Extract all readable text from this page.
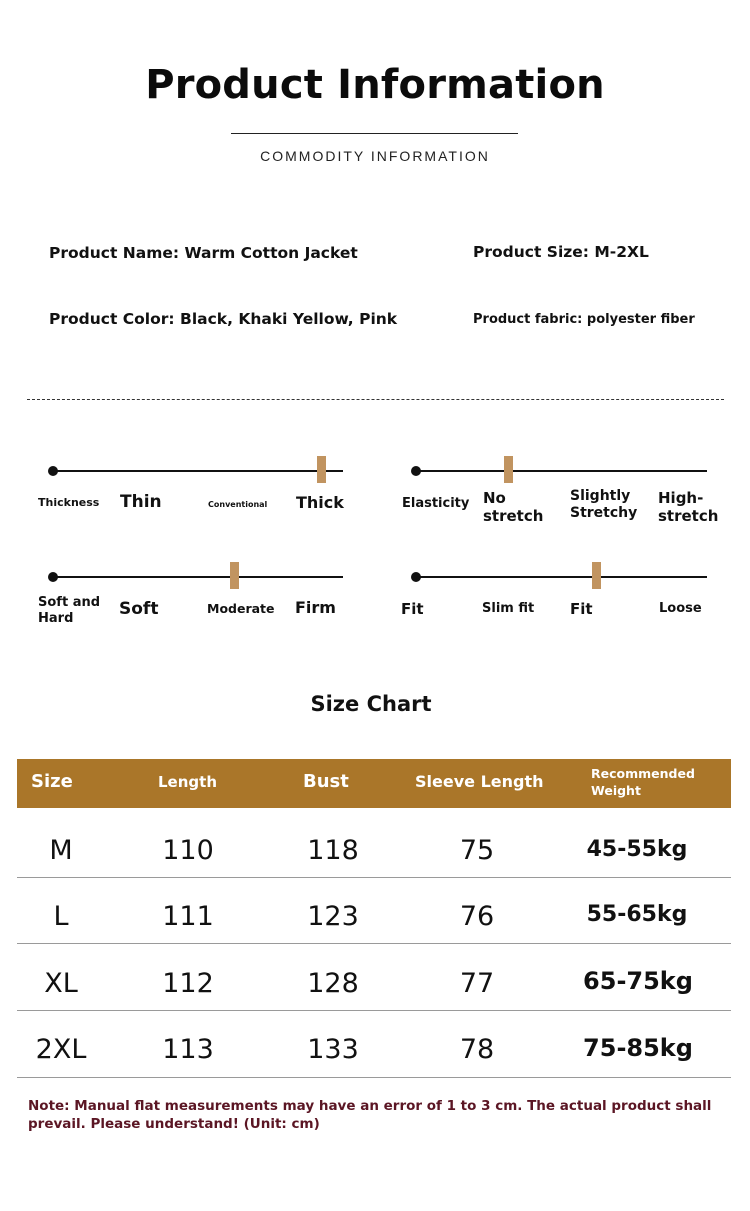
Product Information
COMMODITY INFORMATION
Product Name: Warm Cotton Jacket	Product Size: M-2XL
Product Color: Black, Khaki Yellow, Pink	Product fabric: polyester fiber
Thickness Thin	Conventional Thick	Elasticity No
stretch
Slightly
Stretchy
High-
stretch
Soft and
Hard	Soft	Moderate Firm	Fit	Slim fit Fit	Loose
Size Chart
Size	Length	Bust	Sleeve Length	Recommended
Weight
M	110	118	75	45-55kg
L	111	123	76	55-65kg
XL	112	128	77	65-75kg
2XL	113	133	78	75-85kg
Note: Manual flat measurements may have an error of 1 to 3 cm. The actual product shall prevail. Please understand! (Unit: cm)
